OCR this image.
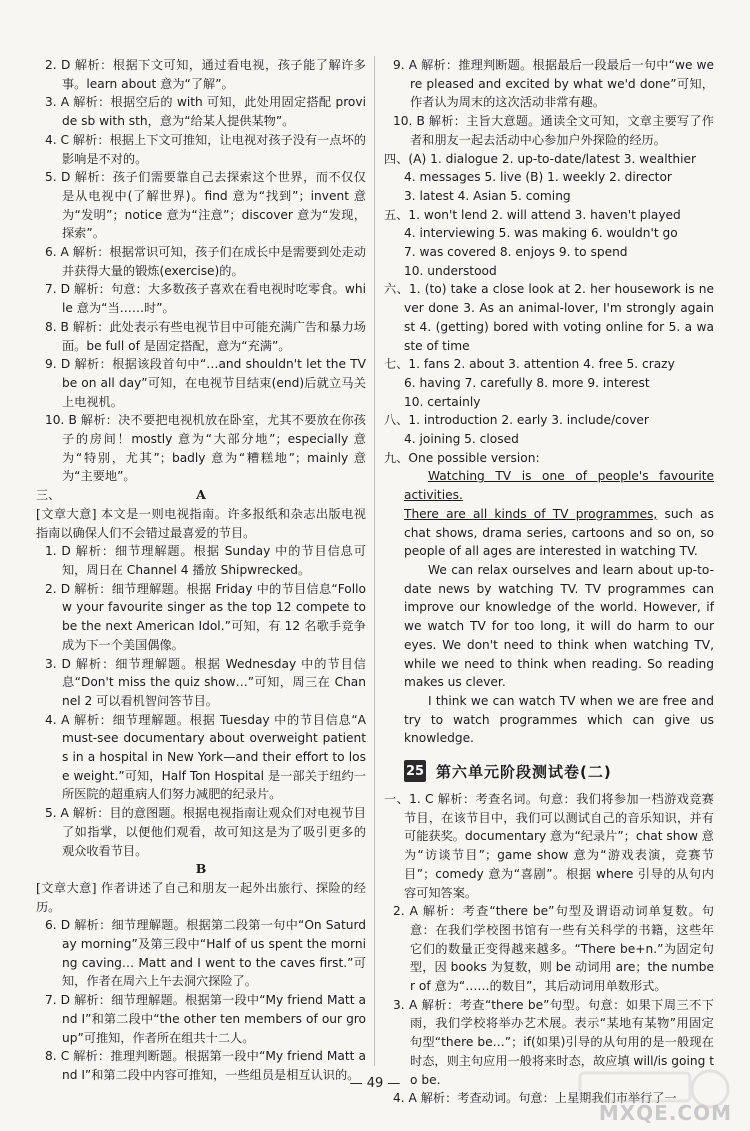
2. D 解析：根据下文可知，通过看电视，孩子能了解许多事。learn about 意为“了解”。

3. A 解析：根据空后的 with 可知，此处用固定搭配 provide sb with sth，意为“给某人提供某物”。

4. C 解析：根据上下文可推知，让电视对孩子没有一点坏的影响是不对的。

5. D 解析：孩子们需要靠自己去探索这个世界，而不仅仅是从电视中(了解世界)。find 意为“找到”；invent 意为“发明”；notice 意为“注意”；discover 意为“发现，探索”。

6. A 解析：根据常识可知，孩子们在成长中是需要到处走动并获得大量的锻炼(exercise)的。

7. D 解析：句意：大多数孩子喜欢在看电视时吃零食。while 意为“当……时”。

8. B 解析：此处表示有些电视节目中可能充满广告和暴力场面。be full of 是固定搭配，意为“充满”。

9. D 解析：根据该段首句中“…and shouldn't let the TV be on all day”可知，在电视节目结束(end)后就立马关上电视机。

10. B 解析：决不要把电视机放在卧室，尤其不要放在你孩子的房间！mostly 意为“大部分地”；especially 意为“特别，尤其”；badly 意为“糟糕地”；mainly 意为“主要地”。

三、	A

[文章大意] 本文是一则电视指南。许多报纸和杂志出版电视指南以确保人们不会错过最喜爱的节目。

1. D 解析：细节理解题。根据 Sunday 中的节目信息可知，周日在 Channel 4 播放 Shipwrecked。

2. D 解析：细节理解题。根据 Friday 中的节目信息“Follow your favourite singer as the top 12 compete to be the next American Idol.”可知，有 12 名歌手竞争成为下一个美国偶像。

3. D 解析：细节理解题。根据 Wednesday 中的节目信息“Don't miss the quiz show…”可知，周三在 Channel 2 可以看机智问答节目。

4. A 解析：细节理解题。根据 Tuesday 中的节目信息“A must-see documentary about overweight patients in a hospital in New York—and their effort to lose weight.”可知，Half Ton Hospital 是一部关于纽约一所医院的超重病人们努力减肥的纪录片。

5. A 解析：目的意图题。根据电视指南让观众们对电视节目了如指掌，以便他们观看，故可知这是为了吸引更多的观众收看节目。

B

[文章大意] 作者讲述了自己和朋友一起外出旅行、探险的经历。

6. D 解析：细节理解题。根据第二段第一句中“On Saturday morning”及第三段中“Half of us spent the morning caving… Matt and I went to the caves first.”可知，作者在周六上午去洞穴探险了。

7. D 解析：细节理解题。根据第一段中“My friend Matt and I”和第二段中“the other ten members of our group”可推知，作者所在组共十二人。

8. C 解析：推理判断题。根据第一段中“My friend Matt and I”和第二段中内容可推知，一些组员是相互认识的。

9. A 解析：推理判断题。根据最后一段最后一句中“we were pleased and excited by what we'd done”可知，作者认为周末的这次活动非常有趣。

10. B 解析：主旨大意题。通读全文可知，文章主要写了作者和朋友一起去活动中心参加户外探险的经历。

四、(A) 1. dialogue 2. up-to-date/latest 3. wealthier

4. messages 5. live (B) 1. weekly 2. director

3. latest 4. Asian 5. coming

五、1. won't lend 2. will attend 3. haven't played

4. interviewing 5. was making 6. wouldn't go

7. was covered 8. enjoys 9. to spend

10. understood

六、1. (to) take a close look at 2. her housework is never done 3. As an animal-lover, I'm strongly against 4. (getting) bored with voting online for 5. a waste of time

七、1. fans 2. about 3. attention 4. free 5. crazy

6. having 7. carefully 8. more 9. interest

10. certainly

八、1. introduction 2. early 3. include/cover

4. joining 5. closed

九、One possible version:

Watching TV is one of people's favourite activities.

There are all kinds of TV programmes, such as chat shows, drama series, cartoons and so on, so people of all ages are interested in watching TV.

We can relax ourselves and learn about up-to-date news by watching TV. TV programmes can improve our knowledge of the world. However, if we watch TV for too long, it will do harm to our eyes. We don't need to think when watching TV, while we need to think when reading. So reading makes us clever.

I think we can watch TV when we are free and try to watch programmes which can give us knowledge.

25 第六单元阶段测试卷(二)

一、1. C 解析：考查名词。句意：我们将参加一档游戏竞赛节目，在该节目中，我们可以测试自己的音乐知识，并有可能获奖。documentary 意为“纪录片”；chat show 意为“访谈节目”；game show 意为“游戏表演，竞赛节目”；comedy 意为“喜剧”。根据 where 引导的从句内容可知答案。

2. A 解析：考查“there be”句型及谓语动词单复数。句意：在我们学校图书馆有一些有关科学的书籍，这些年它们的数量正变得越来越多。“There be+n.”为固定句型，因 books 为复数，则 be 动词用 are；the number of 意为“……的数目”，其后动词用单数形式。

3. A 解析：考查“there be”句型。句意：如果下周三不下雨，我们学校将举办艺术展。表示“某地有某物”用固定句型“there be…”；if(如果)引导的从句用的是一般现在时态，则主句应用一般将来时态，故应填 will/is going to be.

4. A 解析：考查动词。句意：上星期我们市举行了一

— 49 —
MXQE.COM
